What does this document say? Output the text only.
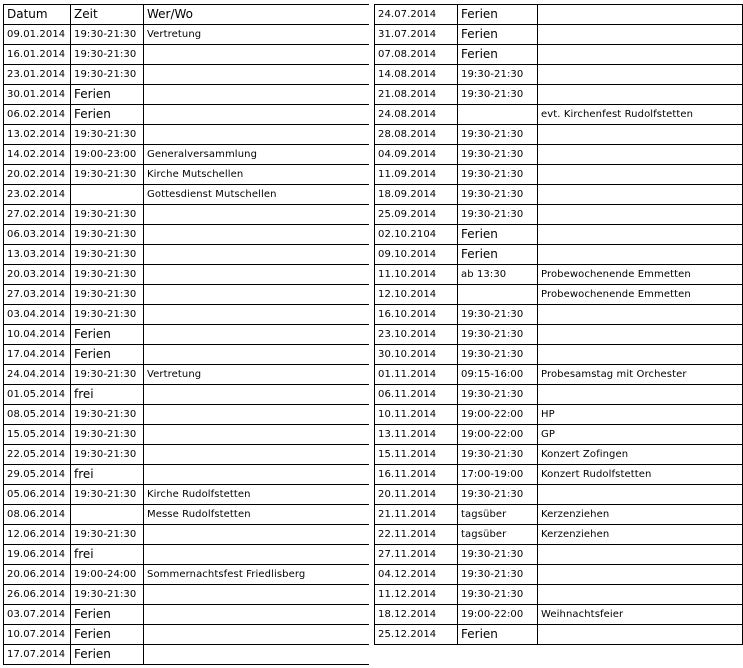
Datum	Zeit	Wer/Wo
09.01.2014	19:30-21:30	Vertretung
16.01.2014	19:30-21:30	
23.01.2014	19:30-21:30	
30.01.2014	Ferien	
06.02.2014	Ferien	
13.02.2014	19:30-21:30	
14.02.2014	19:00-23:00	Generalversammlung
20.02.2014	19:30-21:30	Kirche Mutschellen
23.02.2014		Gottesdienst Mutschellen
27.02.2014	19:30-21:30	
06.03.2014	19:30-21:30	
13.03.2014	19:30-21:30	
20.03.2014	19:30-21:30	
27.03.2014	19:30-21:30	
03.04.2014	19:30-21:30	
10.04.2014	Ferien	
17.04.2014	Ferien	
24.04.2014	19:30-21:30	Vertretung
01.05.2014	frei	
08.05.2014	19:30-21:30	
15.05.2014	19:30-21:30	
22.05.2014	19:30-21:30	
29.05.2014	frei	
05.06.2014	19:30-21:30	Kirche Rudolfstetten
08.06.2014		Messe Rudolfstetten
12.06.2014	19:30-21:30	
19.06.2014	frei	
20.06.2014	19:00-24:00	Sommernachtsfest Friedlisberg
26.06.2014	19:30-21:30	
03.07.2014	Ferien	
10.07.2014	Ferien	
17.07.2014	Ferien	
24.07.2014	Ferien	
31.07.2014	Ferien	
07.08.2014	Ferien	
14.08.2014	19:30-21:30	
21.08.2014	19:30-21:30	
24.08.2014		evt. Kirchenfest Rudolfstetten
28.08.2014	19:30-21:30	
04.09.2014	19:30-21:30	
11.09.2014	19:30-21:30	
18.09.2014	19:30-21:30	
25.09.2014	19:30-21:30	
02.10.2104	Ferien	
09.10.2014	Ferien	
11.10.2014	ab 13:30	Probewochenende Emmetten
12.10.2014		Probewochenende Emmetten
16.10.2014	19:30-21:30	
23.10.2014	19:30-21:30	
30.10.2014	19:30-21:30	
01.11.2014	09:15-16:00	Probesamstag mit Orchester
06.11.2014	19:30-21:30	
10.11.2014	19:00-22:00	HP
13.11.2014	19:00-22:00	GP
15.11.2014	19:30-21:30	Konzert Zofingen
16.11.2014	17:00-19:00	Konzert Rudolfstetten
20.11.2014	19:30-21:30	
21.11.2014	tagsüber	Kerzenziehen
22.11.2014	tagsüber	Kerzenziehen
27.11.2014	19:30-21:30	
04.12.2014	19:30-21:30	
11.12.2014	19:30-21:30	
18.12.2014	19:00-22:00	Weihnachtsfeier
25.12.2014	Ferien	
